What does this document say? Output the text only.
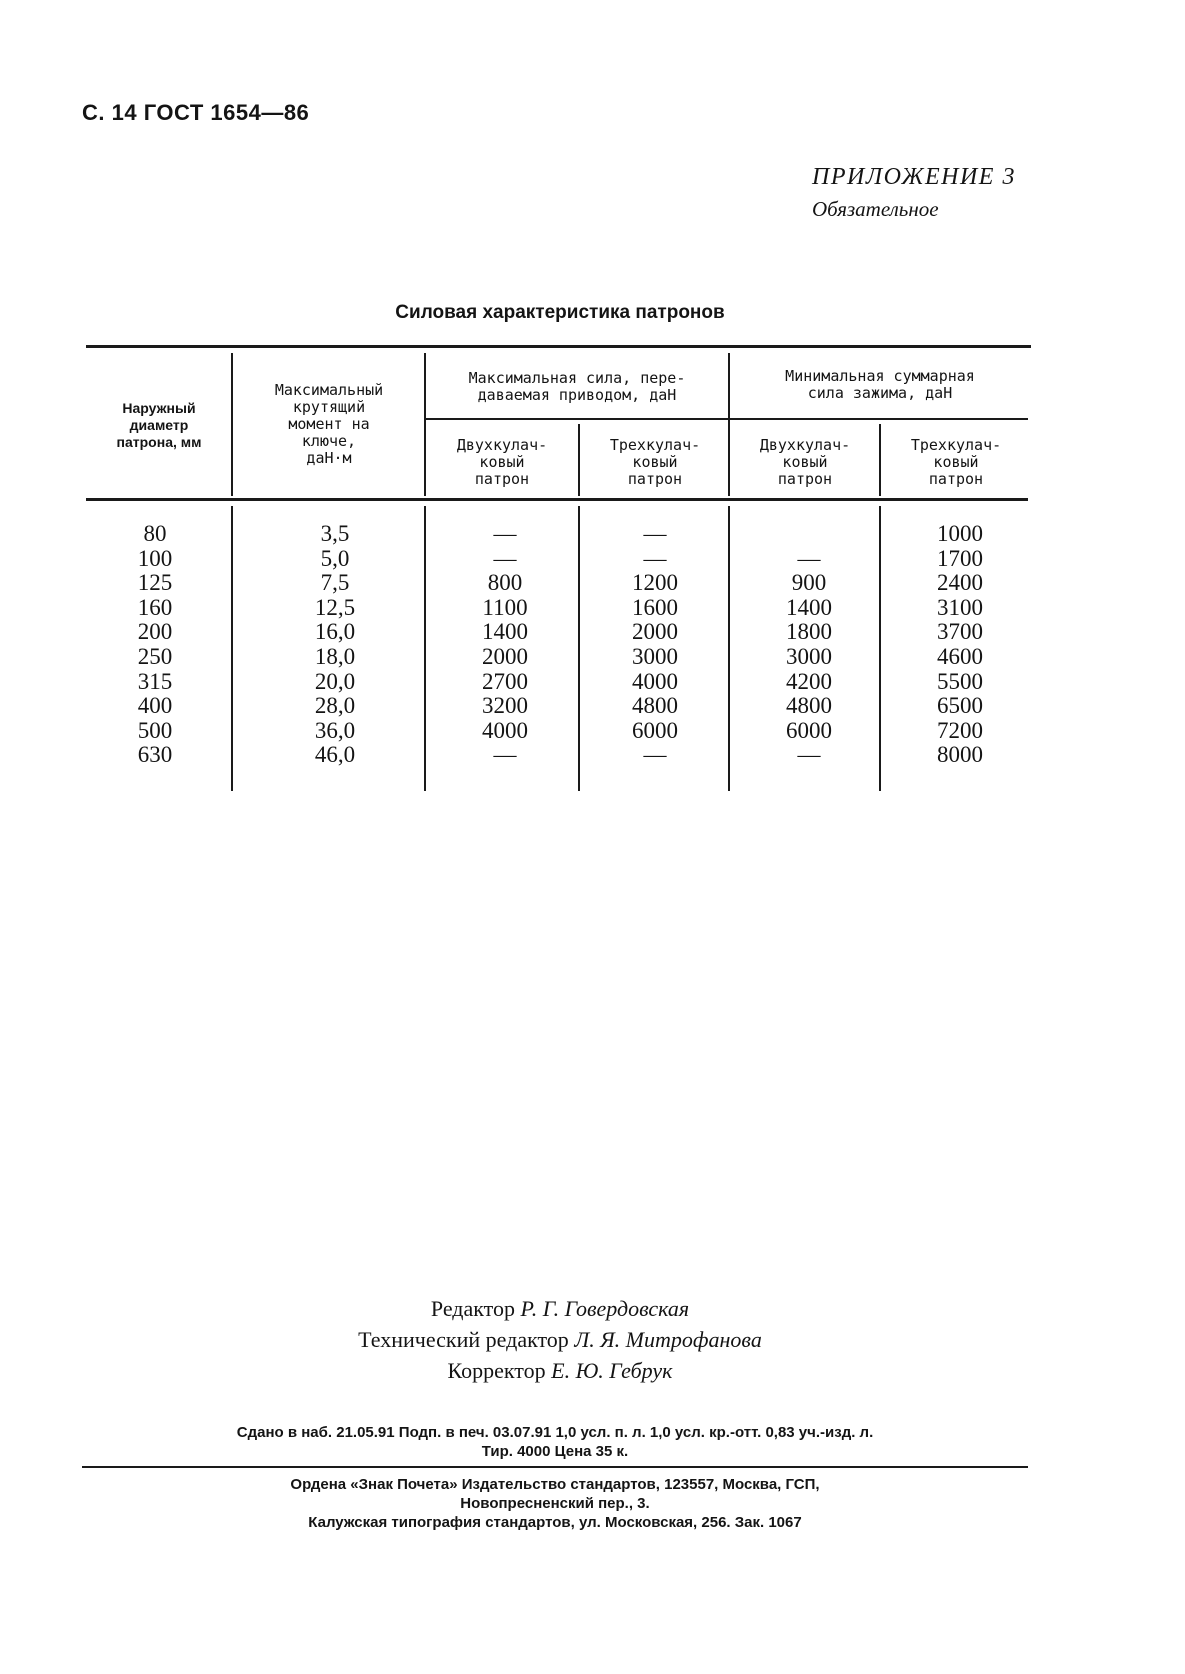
С. 14 ГОСТ 1654—86
ПРИЛОЖЕНИЕ 3
Обязательное
Силовая характеристика патронов
Наружный
диаметр
патрона, мм
Максимальный
крутящий
момент на
ключе,
даН·м
Максимальная сила, пере-
даваемая приводом, даН
Минимальная суммарная
сила зажима, даН
Двухкулач-
ковый
патрон
Трехкулач-
ковый
патрон
Двухкулач-
ковый
патрон
Трехкулач-
ковый
патрон
80
100
125
160
200
250
315
400
500
630
3,5
5,0
7,5
12,5
16,0
18,0
20,0
28,0
36,0
46,0
—
—
800
1100
1400
2000
2700
3200
4000
—
—
—
1200
1600
2000
3000
4000
4800
6000
—
—
900
1400
1800
3000
4200
4800
6000
—
1000
1700
2400
3100
3700
4600
5500
6500
7200
8000
Редактор Р. Г. Говердовская
Технический редактор Л. Я. Митрофанова
Корректор Е. Ю. Гебрук
Сдано в наб. 21.05.91 Подп. в печ. 03.07.91 1,0 усл. п. л. 1,0 усл. кр.-отт. 0,83 уч.-изд. л.
Тир. 4000 Цена 35 к.
Ордена «Знак Почета» Издательство стандартов, 123557, Москва, ГСП,
Новопресненский пер., 3.
Калужская типография стандартов, ул. Московская, 256. Зак. 1067
